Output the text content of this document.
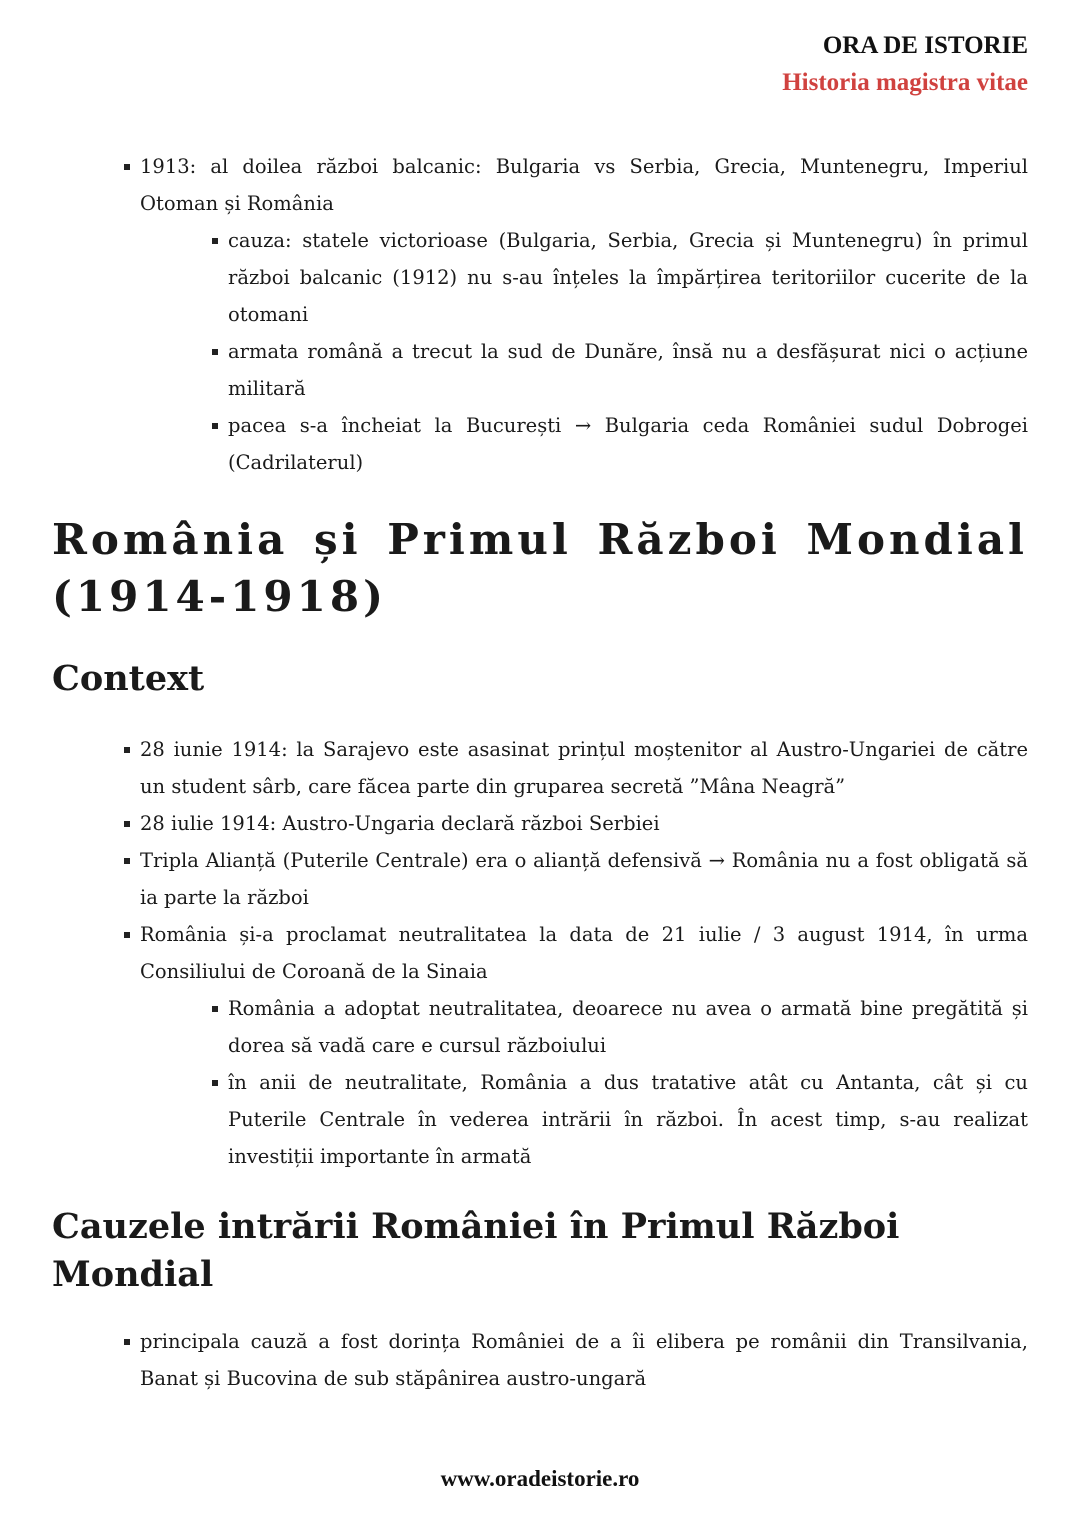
ORA DE ISTORIE
Historia magistra vitae
1913: al doilea război balcanic: Bulgaria vs Serbia, Grecia, Muntenegru, Imperiul Otoman și România
cauza: statele victorioase (Bulgaria, Serbia, Grecia și Muntenegru) în primul război balcanic (1912) nu s-au înțeles la împărțirea teritoriilor cucerite de la otomani
armata română a trecut la sud de Dunăre, însă nu a desfășurat nici o acțiune militară
pacea s-a încheiat la București → Bulgaria ceda României sudul Dobrogei (Cadrilaterul)
România și Primul Război Mondial (1914-1918)
Context
28 iunie 1914: la Sarajevo este asasinat prințul moștenitor al Austro-Ungariei de către un student sârb, care făcea parte din gruparea secretă ”Mâna Neagră”
28 iulie 1914: Austro-Ungaria declară război Serbiei
Tripla Alianță (Puterile Centrale) era o alianță defensivă → România nu a fost obligată să ia parte la război
România și-a proclamat neutralitatea la data de 21 iulie / 3 august 1914, în urma Consiliului de Coroană de la Sinaia
România a adoptat neutralitatea, deoarece nu avea o armată bine pregătită și dorea să vadă care e cursul războiului
în anii de neutralitate, România a dus tratative atât cu Antanta, cât și cu Puterile Centrale în vederea intrării în război. În acest timp, s-au realizat investiții importante în armată
Cauzele intrării României în Primul Război Mondial
principala cauză a fost dorința României de a îi elibera pe românii din Transilvania, Banat și Bucovina de sub stăpânirea austro-ungară
www.oradeistorie.ro
